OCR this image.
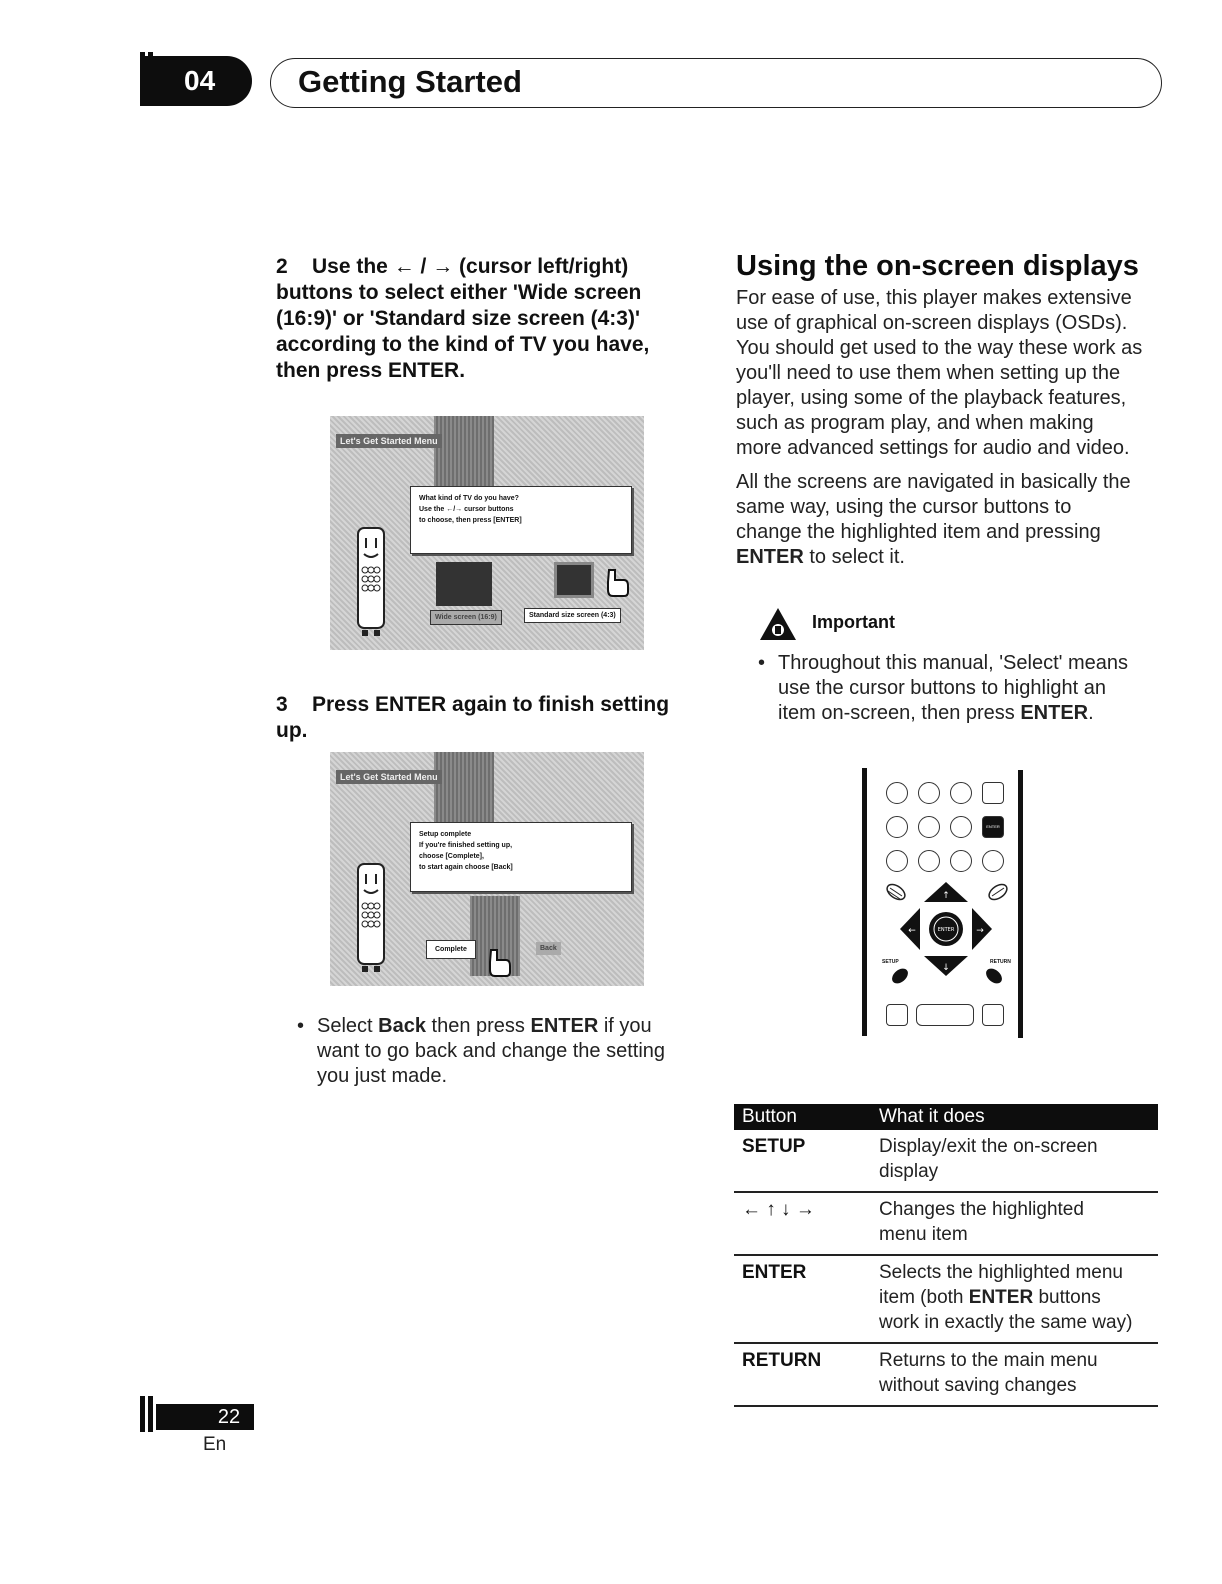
04	Getting Started
2 Use the ← / → (cursor left/right)
buttons to select either 'Wide screen
(16:9)' or 'Standard size screen (4:3)'
according to the kind of TV you have,
then press ENTER.
Let's Get Started Menu
What kind of TV do you have?
Use the ←/→ cursor buttons
to choose, then press [ENTER]
Wide screen (16:9)	Standard size screen (4:3)
3 Press ENTER again to finish setting up.
Let's Get Started Menu
Setup complete
If you're finished setting up,
choose [Complete],
to start again choose [Back]
Complete	Back
• Select Back then press ENTER if you
want to go back and change the setting
you just made.
Using the on-screen displays
For ease of use, this player makes extensive
use of graphical on-screen displays (OSDs).
You should get used to the way these work as
you'll need to use them when setting up the
player, using some of the playback features,
such as program play, and when making
more advanced settings for audio and video.
All the screens are navigated in basically the
same way, using the cursor buttons to
change the highlighted item and pressing
ENTER to select it.
Important
• Throughout this manual, 'Select' means
use the cursor buttons to highlight an
item on-screen, then press ENTER.
ENTER
↑
↓
←	→
ENTER
SETUP	RETURN
Button	What it does
SETUP	Display/exit the on-screen
display
← ↑ ↓ →	Changes the highlighted
menu item
ENTER	Selects the highlighted menu
item (both ENTER buttons
work in exactly the same way)
RETURN	Returns to the main menu
without saving changes
22
En
